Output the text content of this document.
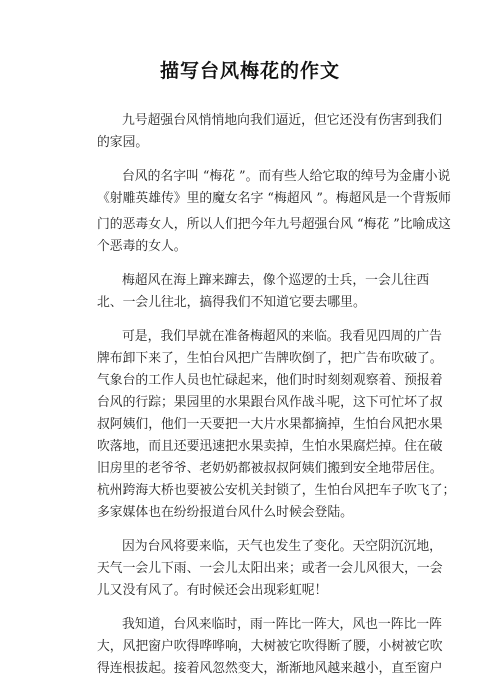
描写台风梅花的作文

九号超强台风悄悄地向我们逼近，但它还没有伤害到我们
的家园。

台风的名字叫 “梅花 ”。而有些人给它取的绰号为金庸小说
《射雕英雄传》里的魔女名字 “梅超风 ”。梅超风是一个背叛师
门的恶毒女人，所以人们把今年九号超强台风 “梅花 ”比喻成这
个恶毒的女人。

梅超风在海上蹿来蹿去，像个巡逻的士兵，一会儿往西
北、一会儿往北，搞得我们不知道它要去哪里。

可是，我们早就在准备梅超风的来临。我看见四周的广告
牌布卸下来了，生怕台风把广告牌吹倒了，把广告布吹破了。
气象台的工作人员也忙碌起来，他们时时刻刻观察着、预报着
台风的行踪；果园里的水果跟台风作战斗呢，这下可忙坏了叔
叔阿姨们，他们一天要把一大片水果都摘掉，生怕台风把水果
吹落地，而且还要迅速把水果卖掉，生怕水果腐烂掉。住在破
旧房里的老爷爷、老奶奶都被叔叔阿姨们搬到安全地带居住。
杭州跨海大桥也要被公安机关封锁了，生怕台风把车子吹飞了；
多家媒体也在纷纷报道台风什么时候会登陆。

因为台风将要来临，天气也发生了变化。天空阴沉沉地，
天气一会儿下雨、一会儿太阳出来；或者一会儿风很大，一会
儿又没有风了。有时候还会出现彩虹呢！

我知道，台风来临时，雨一阵比一阵大，风也一阵比一阵
大，风把窗户吹得哗哗响，大树被它吹得断了腰，小树被它吹
得连根拔起。接着风忽然变大，渐渐地风越来越小，直至窗户
